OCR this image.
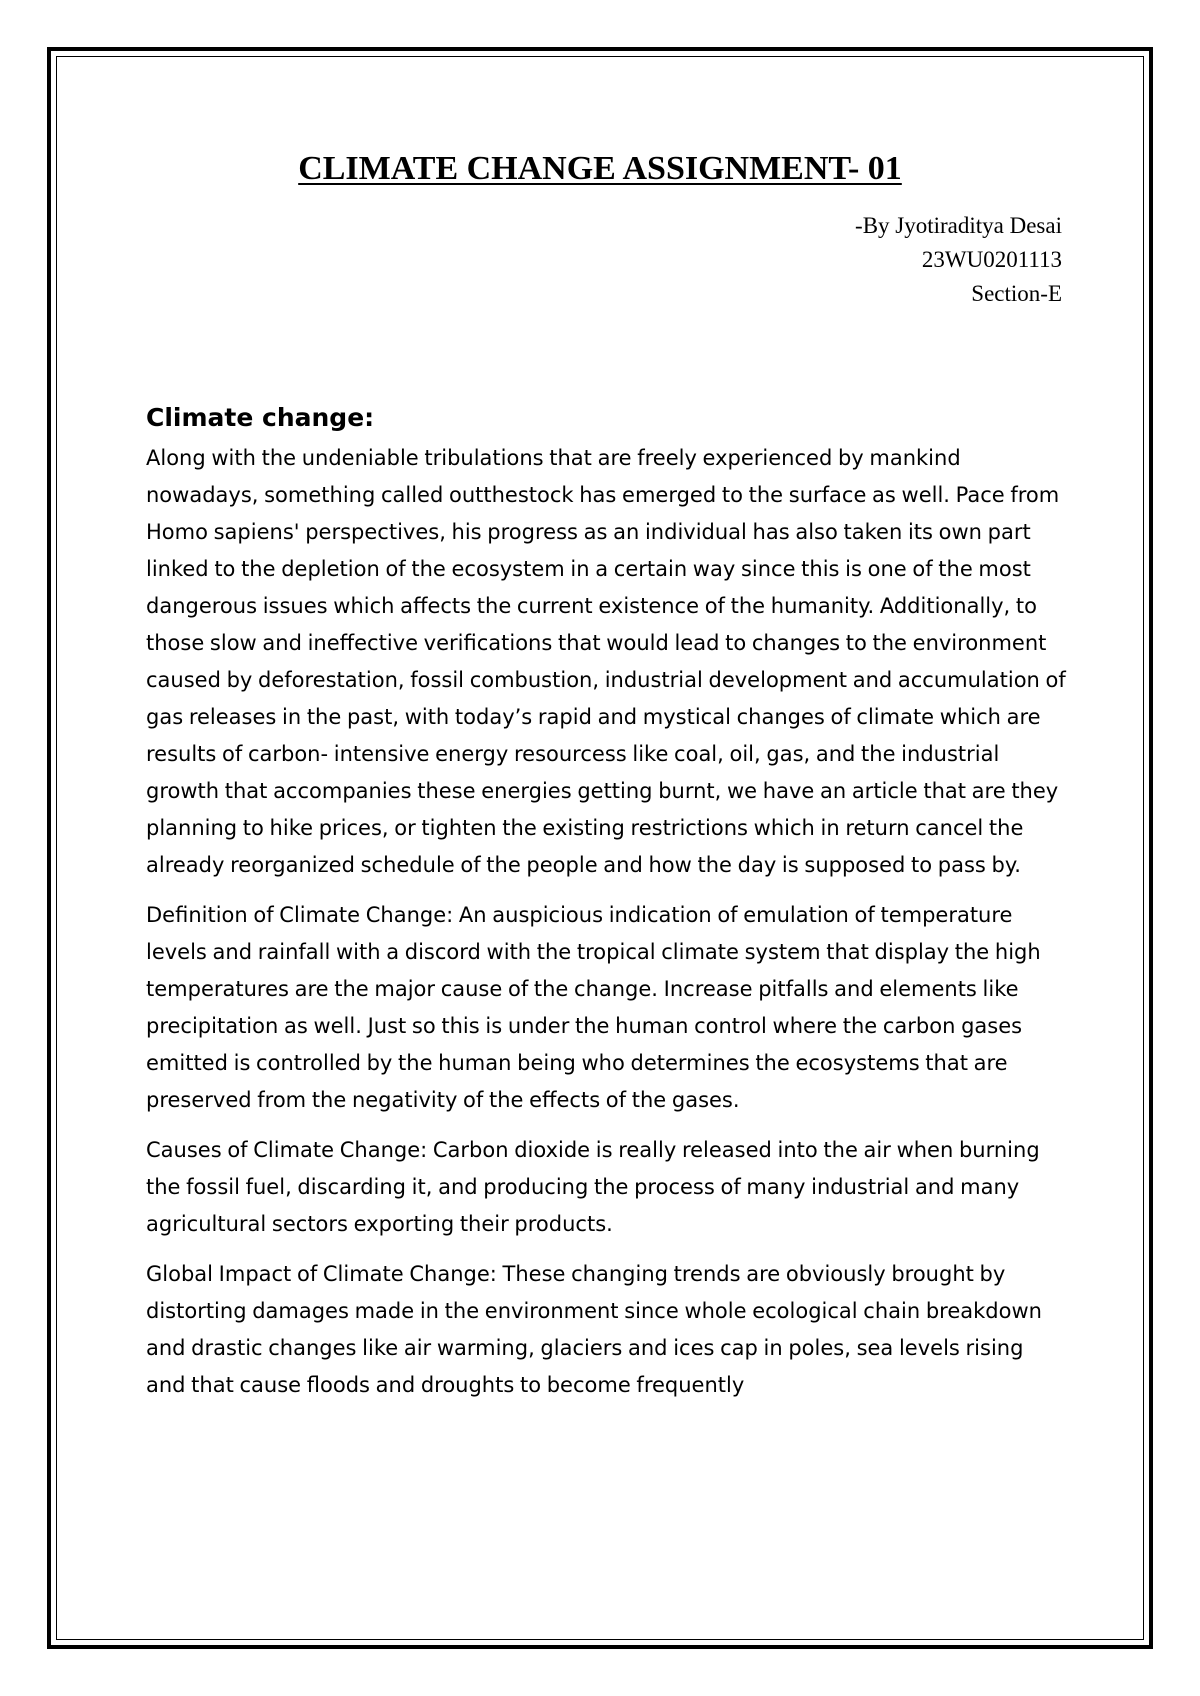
CLIMATE CHANGE ASSIGNMENT- 01
-By Jyotiraditya Desai
23WU0201113
Section-E
Climate change:

Along with the undeniable tribulations that are freely experienced by mankind nowadays, something called outthestock has emerged to the surface as well. Pace from Homo sapiens' perspectives, his progress as an individual has also taken its own part linked to the depletion of the ecosystem in a certain way since this is one of the most dangerous issues which affects the current existence of the humanity. Additionally, to those slow and ineffective verifications that would lead to changes to the environment caused by deforestation, fossil combustion, industrial development and accumulation of gas releases in the past, with today’s rapid and mystical changes of climate which are results of carbon- intensive energy resourcess like coal, oil, gas, and the industrial growth that accompanies these energies getting burnt, we have an article that are they planning to hike prices, or tighten the existing restrictions which in return cancel the already reorganized schedule of the people and how the day is supposed to pass by.

Definition of Climate Change: An auspicious indication of emulation of temperature levels and rainfall with a discord with the tropical climate system that display the high temperatures are the major cause of the change. Increase pitfalls and elements like precipitation as well. Just so this is under the human control where the carbon gases emitted is controlled by the human being who determines the ecosystems that are preserved from the negativity of the effects of the gases.

Causes of Climate Change: Carbon dioxide is really released into the air when burning the fossil fuel, discarding it, and producing the process of many industrial and many agricultural sectors exporting their products.

Global Impact of Climate Change: These changing trends are obviously brought by distorting damages made in the environment since whole ecological chain breakdown and drastic changes like air warming, glaciers and ices cap in poles, sea levels rising and that cause floods and droughts to become frequently
